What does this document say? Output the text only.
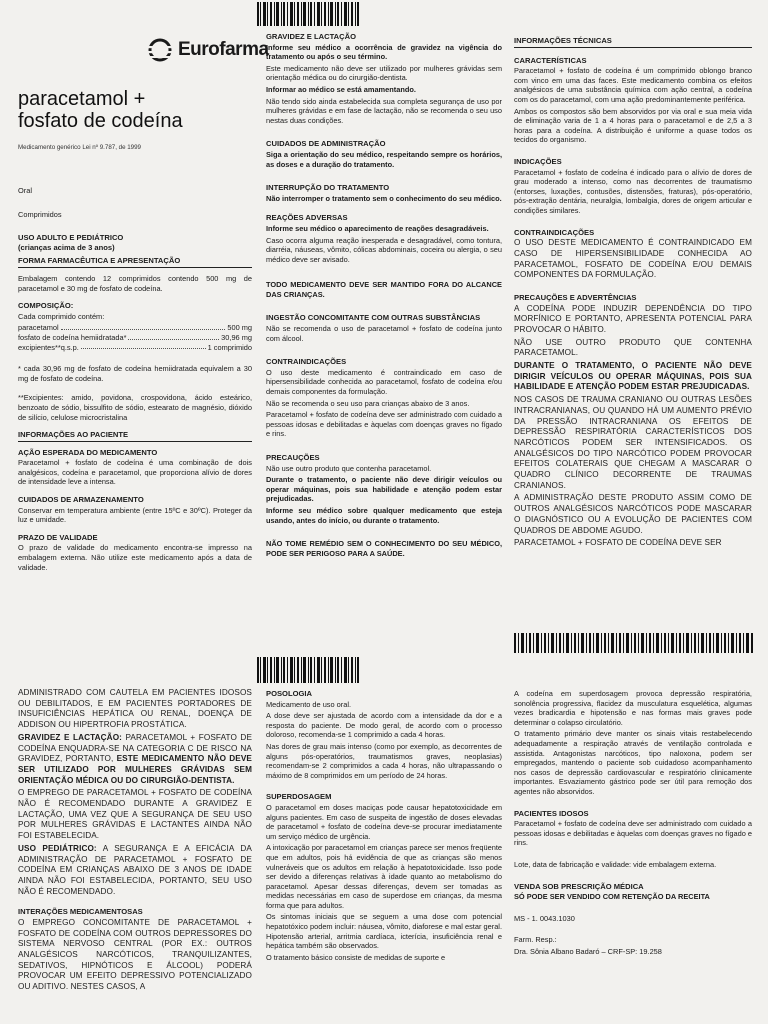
Eurofarma
paracetamol +
fosfato de codeína
Medicamento genérico Lei nº 9.787, de 1999

Oral

Comprimidos

USO ADULTO E PEDIÁTRICO
(crianças acima de 3 anos)
FORMA FARMACÊUTICA E APRESENTAÇÃO

Embalagem contendo 12 comprimidos contendo 500 mg de paracetamol e 30 mg de fosfato de codeína.

COMPOSIÇÃO:

Cada comprimido contém:

paracetamol	500 mg
fosfato de codeína hemiidratada*	30,96 mg
excipientes**q.s.p.	1 comprimido

* cada 30,96 mg de fosfato de codeína hemiidratada equivalem a 30 mg de fosfato de codeína.

**Excipientes: amido, povidona, crospovidona, ácido esteárico, benzoato de sódio, bissulfito de sódio, estearato de magnésio, dióxido de silício, celulose microcristalina

INFORMAÇÕES AO PACIENTE
AÇÃO ESPERADA DO MEDICAMENTO

Paracetamol + fosfato de codeína é uma combinação de dois analgésicos, codeína e paracetamol, que proporciona alívio de dores de intensidade leve a intensa.

CUIDADOS DE ARMAZENAMENTO

Conservar em temperatura ambiente (entre 15ºC e 30ºC). Proteger da luz e umidade.

PRAZO DE VALIDADE

O prazo de validade do medicamento encontra-se impresso na embalagem externa. Não utilize este medicamento após a data de validade.

GRAVIDEZ E LACTAÇÃO

Informe seu médico a ocorrência de gravidez na vigência do tratamento ou após o seu término.

Este medicamento não deve ser utilizado por mulheres grávidas sem orientação médica ou do cirurgião-dentista.

Informar ao médico se está amamentando.

Não tendo sido ainda estabelecida sua completa segurança de uso por mulheres grávidas e em fase de lactação, não se recomenda o seu uso nestas duas condições.

CUIDADOS DE ADMINISTRAÇÃO

Siga a orientação do seu médico, respeitando sempre os horários, as doses e a duração do tratamento.

INTERRUPÇÃO DO TRATAMENTO

Não interromper o tratamento sem o conhecimento do seu médico.

REAÇÕES ADVERSAS

Informe seu médico o aparecimento de reações desagradáveis.

Caso ocorra alguma reação inesperada e desagradável, como tontura, diarréia, náuseas, vômito, cólicas abdominais, coceira ou alergia, o seu médico deve ser avisado.

TODO MEDICAMENTO DEVE SER MANTIDO FORA DO ALCANCE DAS CRIANÇAS.

INGESTÃO CONCOMITANTE COM OUTRAS SUBSTÂNCIAS

Não se recomenda o uso de paracetamol + fosfato de codeína junto com álcool.

CONTRAINDICAÇÕES

O uso deste medicamento é contraindicado em caso de hipersensibilidade conhecida ao paracetamol, fosfato de codeína e/ou demais componentes da formulação.

Não se recomenda o seu uso para crianças abaixo de 3 anos.

Paracetamol + fosfato de codeína deve ser administrado com cuidado a pessoas idosas e debilitadas e àquelas com doenças graves no fígado e rins.

PRECAUÇÕES

Não use outro produto que contenha paracetamol.

Durante o tratamento, o paciente não deve dirigir veículos ou operar máquinas, pois sua habilidade e atenção podem estar prejudicadas.

Informe seu médico sobre qualquer medicamento que esteja usando, antes do início, ou durante o tratamento.

NÃO TOME REMÉDIO SEM O CONHECIMENTO DO SEU MÉDICO, PODE SER PERIGOSO PARA A SAÚDE.

INFORMAÇÕES TÉCNICAS
CARACTERÍSTICAS

Paracetamol + fosfato de codeína é um comprimido oblongo branco com vinco em uma das faces. Este medicamento combina os efeitos analgésicos de uma substância química com ação central, a codeína com os do paracetamol, com uma ação predominantemente periférica.

Ambos os compostos são bem absorvidos por via oral e sua meia vida de eliminação varia de 1 a 4 horas para o paracetamol e de 2,5 a 3 horas para a codeína. A distribuição é uniforme a quase todos os tecidos do organismo.

INDICAÇÕES

Paracetamol + fosfato de codeína é indicado para o alívio de dores de grau moderado a intenso, como nas decorrentes de traumatismo (entorses, luxações, contusões, distensões, fraturas), pós-operatório, pós-extração dentária, neuralgia, lombalgia, dores de origem articular e condições similares.

CONTRAINDICAÇÕES

O USO DESTE MEDICAMENTO É CONTRAINDICADO EM CASO DE HIPERSENSIBILIDADE CONHECIDA AO PARACETAMOL, FOSFATO DE CODEÍNA E/OU DEMAIS COMPONENTES DA FORMULAÇÃO.

PRECAUÇÕES E ADVERTÊNCIAS

A CODEÍNA PODE INDUZIR DEPENDÊNCIA DO TIPO MORFÍNICO E PORTANTO, APRESENTA POTENCIAL PARA PROVOCAR O HÁBITO.

NÃO USE OUTRO PRODUTO QUE CONTENHA PARACETAMOL.

DURANTE O TRATAMENTO, O PACIENTE NÃO DEVE DIRIGIR VEÍCULOS OU OPERAR MÁQUINAS, POIS SUA HABILIDADE E ATENÇÃO PODEM ESTAR PREJUDICADAS.

NOS CASOS DE TRAUMA CRANIANO OU OUTRAS LESÕES INTRACRANIANAS, OU QUANDO HÁ UM AUMENTO PRÉVIO DA PRESSÃO INTRACRANIANA OS EFEITOS DE DEPRESSÃO RESPIRATÓRIA CARACTERÍSTICOS DOS NARCÓTICOS PODEM SER INTENSIFICADOS. OS ANALGÉSICOS DO TIPO NARCÓTICO PODEM PROVOCAR EFEITOS COLATERAIS QUE CHEGAM A MASCARAR O QUADRO CLÍNICO DECORRENTE DE TRAUMAS CRANIANOS.

A ADMINISTRAÇÃO DESTE PRODUTO ASSIM COMO DE OUTROS ANALGÉSICOS NARCÓTICOS PODE MASCARAR O DIAGNÓSTICO OU A EVOLUÇÃO DE PACIENTES COM QUADROS DE ABDOME AGUDO.

PARACETAMOL + FOSFATO DE CODEÍNA DEVE SER

ADMINISTRADO COM CAUTELA EM PACIENTES IDOSOS OU DEBILITADOS, E EM PACIENTES PORTADORES DE INSUFICIÊNCIAS HEPÁTICA OU RENAL, DOENÇA DE ADDISON OU HIPERTROFIA PROSTÁTICA.

GRAVIDEZ E LACTAÇÃO: PARACETAMOL + FOSFATO DE CODEÍNA ENQUADRA-SE NA CATEGORIA C DE RISCO NA GRAVIDEZ, PORTANTO, ESTE MEDICAMENTO NÃO DEVE SER UTILIZADO POR MULHERES GRÁVIDAS SEM ORIENTAÇÃO MÉDICA OU DO CIRURGIÃO-DENTISTA.

O EMPREGO DE PARACETAMOL + FOSFATO DE CODEÍNA NÃO É RECOMENDADO DURANTE A GRAVIDEZ E LACTAÇÃO, UMA VEZ QUE A SEGURANÇA DE SEU USO POR MULHERES GRÁVIDAS E LACTANTES AINDA NÃO FOI ESTABELECIDA.

USO PEDIÁTRICO: A SEGURANÇA E A EFICÁCIA DA ADMINISTRAÇÃO DE PARACETAMOL + FOSFATO DE CODEÍNA EM CRIANÇAS ABAIXO DE 3 ANOS DE IDADE AINDA NÃO FOI ESTABELECIDA, PORTANTO, SEU USO NÃO É RECOMENDADO.

INTERAÇÕES MEDICAMENTOSAS

O EMPREGO CONCOMITANTE DE PARACETAMOL + FOSFATO DE CODEÍNA COM OUTROS DEPRESSORES DO SISTEMA NERVOSO CENTRAL (POR EX.: OUTROS ANALGÉSICOS NARCÓTICOS, TRANQUILIZANTES, SEDATIVOS, HIPNÓTICOS E ÁLCOOL) PODERÁ PROVOCAR UM EFEITO DEPRESSIVO POTENCIALIZADO OU ADITIVO. NESTES CASOS, A

POSOLOGIA

Medicamento de uso oral.

A dose deve ser ajustada de acordo com a intensidade da dor e a resposta do paciente. De modo geral, de acordo com o processo doloroso, recomenda-se 1 comprimido a cada 4 horas.

Nas dores de grau mais intenso (como por exemplo, as decorrentes de alguns pós-operatórios, traumatismos graves, neoplasias) recomendam-se 2 comprimidos a cada 4 horas, não ultrapassando o máximo de 8 comprimidos em um período de 24 horas.

SUPERDOSAGEM

O paracetamol em doses maciças pode causar hepatotoxicidade em alguns pacientes. Em caso de suspeita de ingestão de doses elevadas de paracetamol + fosfato de codeína deve-se procurar imediatamente um serviço médico de urgência.

A intoxicação por paracetamol em crianças parece ser menos freqüente que em adultos, pois há evidência de que as crianças são menos vulneráveis que os adultos em relação à hepatotoxicidade. Isso pode ser devido a diferenças relativas à idade quanto ao metabolismo do paracetamol. Apesar dessas diferenças, devem ser tomadas as medidas necessárias em caso de superdose em crianças, da mesma forma que para adultos.

Os sintomas iniciais que se seguem a uma dose com potencial hepatotóxico podem incluir: náusea, vômito, diaforese e mal estar geral. Hipotensão arterial, arritmia cardíaca, icterícia, insuficiência renal e hepática também são observados.

O tratamento básico consiste de medidas de suporte e

A codeína em superdosagem provoca depressão respiratória, sonolência progressiva, flacidez da musculatura esquelética, algumas vezes bradicardia e hipotensão e nas formas mais graves pode determinar o colapso circulatório.

O tratamento primário deve manter os sinais vitais restabelecendo adequadamente a respiração através de ventilação controlada e assistida. Antagonistas narcóticos, tipo naloxona, podem ser empregados, mantendo o paciente sob cuidadoso acompanhamento nos casos de depressão cardiovascular e respiratório clinicamente importantes. Esvaziamento gástrico pode ser útil para remoção dos agentes não absorvidos.

PACIENTES IDOSOS

Paracetamol + fosfato de codeína deve ser administrado com cuidado a pessoas idosas e debilitadas e àquelas com doenças graves no fígado e rins.

Lote, data de fabricação e validade: vide embalagem externa.

VENDA SOB PRESCRIÇÃO MÉDICA

SÓ PODE SER VENDIDO COM RETENÇÃO DA RECEITA

MS - 1. 0043.1030

Farm. Resp.:

Dra. Sônia Albano Badaró – CRF-SP: 19.258
